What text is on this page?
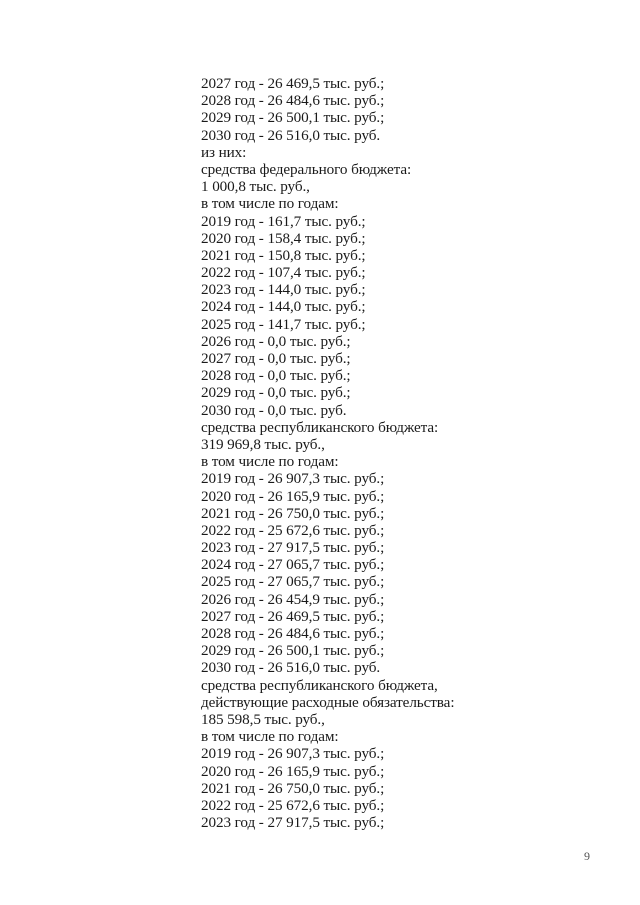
2027 год - 26 469,5 тыс. руб.;
2028 год - 26 484,6 тыс. руб.;
2029 год - 26 500,1 тыс. руб.;
2030 год - 26 516,0 тыс. руб.
из них:
средства федерального бюджета:
1 000,8 тыс. руб.,
в том числе по годам:
2019 год - 161,7 тыс. руб.;
2020 год - 158,4 тыс. руб.;
2021 год - 150,8 тыс. руб.;
2022 год - 107,4 тыс. руб.;
2023 год - 144,0 тыс. руб.;
2024 год - 144,0 тыс. руб.;
2025 год - 141,7 тыс. руб.;
2026 год - 0,0 тыс. руб.;
2027 год - 0,0 тыс. руб.;
2028 год - 0,0 тыс. руб.;
2029 год - 0,0 тыс. руб.;
2030 год - 0,0 тыс. руб.
средства республиканского бюджета:
319 969,8 тыс. руб.,
в том числе по годам:
2019 год - 26 907,3 тыс. руб.;
2020 год - 26 165,9 тыс. руб.;
2021 год - 26 750,0 тыс. руб.;
2022 год - 25 672,6 тыс. руб.;
2023 год - 27 917,5 тыс. руб.;
2024 год - 27 065,7 тыс. руб.;
2025 год - 27 065,7 тыс. руб.;
2026 год - 26 454,9 тыс. руб.;
2027 год - 26 469,5 тыс. руб.;
2028 год - 26 484,6 тыс. руб.;
2029 год - 26 500,1 тыс. руб.;
2030 год - 26 516,0 тыс. руб.
средства республиканского бюджета,
действующие расходные обязательства:
185 598,5 тыс. руб.,
в том числе по годам:
2019 год - 26 907,3 тыс. руб.;
2020 год - 26 165,9 тыс. руб.;
2021 год - 26 750,0 тыс. руб.;
2022 год - 25 672,6 тыс. руб.;
2023 год - 27 917,5 тыс. руб.;
9
